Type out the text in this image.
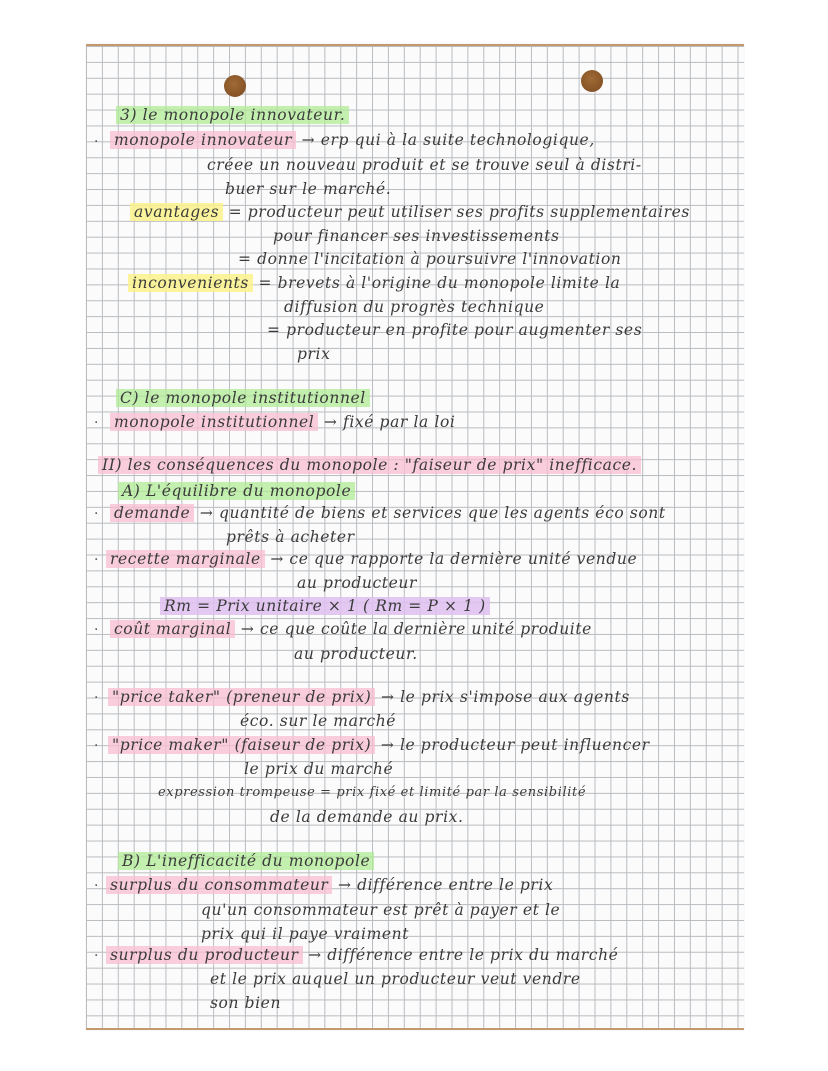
3) le monopole innovateur.
· monopole innovateur → erp qui à la suite technologique,
créee un nouveau produit et se trouve seul à distri-
buer sur le marché.
avantages = producteur peut utiliser ses profits supplementaires
pour financer ses investissements
= donne l'incitation à poursuivre l'innovation
inconvenients = brevets à l'origine du monopole limite la
diffusion du progrès technique
= producteur en profite pour augmenter ses
prix
C) le monopole institutionnel
· monopole institutionnel → fixé par la loi
II) les conséquences du monopole : "faiseur de prix" inefficace.
A) L'équilibre du monopole
· demande → quantité de biens et services que les agents éco sont
prêts à acheter
· recette marginale → ce que rapporte la dernière unité vendue
au producteur
Rm = Prix unitaire × 1 ( Rm = P × 1 )
· coût marginal → ce que coûte la dernière unité produite
au producteur.
· "price taker" (preneur de prix) → le prix s'impose aux agents
éco. sur le marché
· "price maker" (faiseur de prix) → le producteur peut influencer
le prix du marché
expression trompeuse = prix fixé et limité par la sensibilité
de la demande au prix.
B) L'inefficacité du monopole
· surplus du consommateur → différence entre le prix
qu'un consommateur est prêt à payer et le
prix qui il paye vraiment
· surplus du producteur → différence entre le prix du marché
et le prix auquel un producteur veut vendre
son bien
